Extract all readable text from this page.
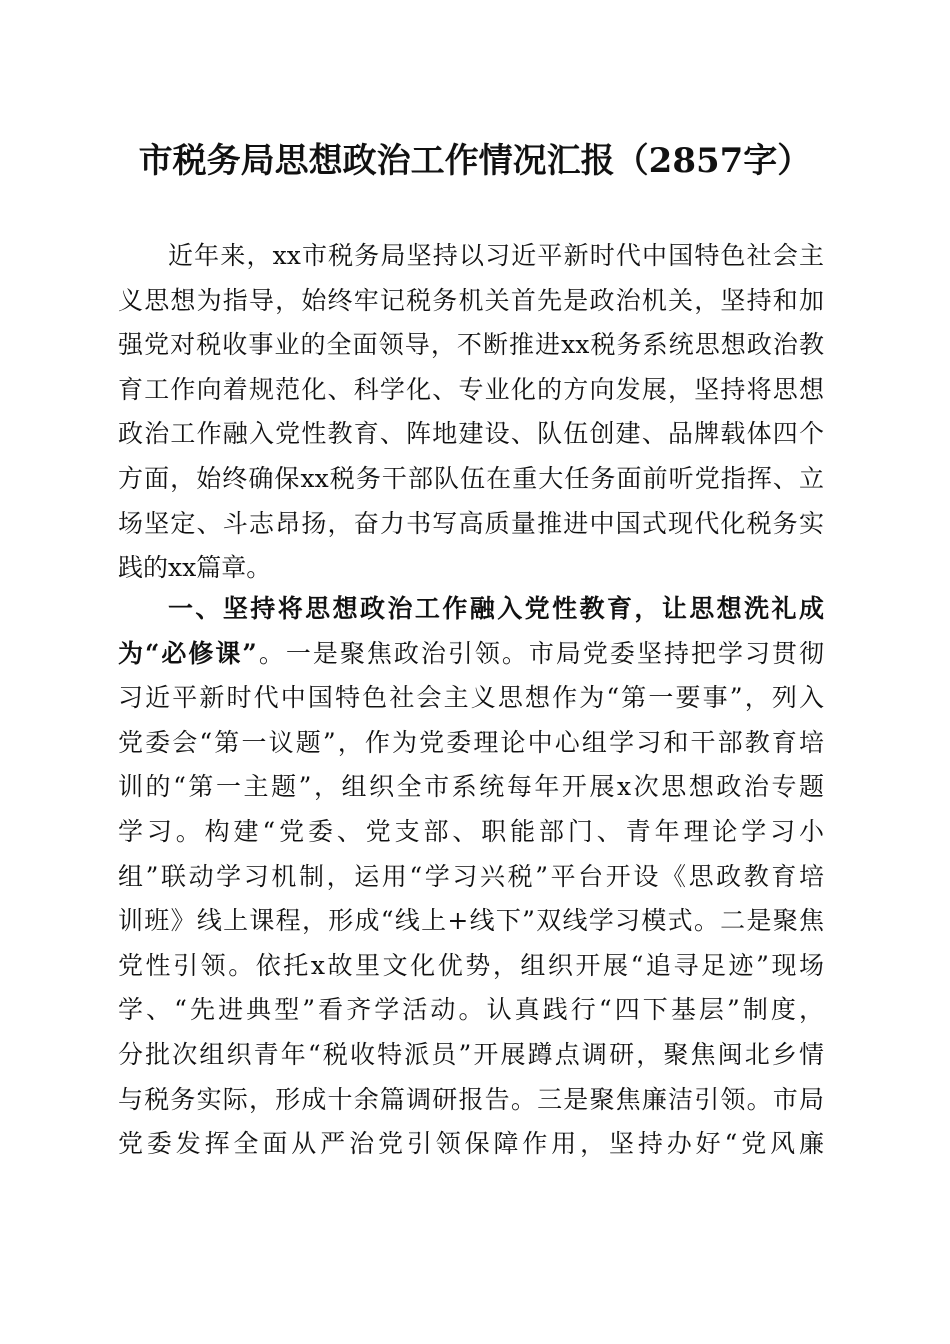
市税务局思想政治工作情况汇报（2857字）
近年来，xx市税务局坚持以习近平新时代中国特色社会主
义思想为指导，始终牢记税务机关首先是政治机关，坚持和加
强党对税收事业的全面领导，不断推进xx税务系统思想政治教
育工作向着规范化、科学化、专业化的方向发展，坚持将思想
政治工作融入党性教育、阵地建设、队伍创建、品牌载体四个
方面，始终确保xx税务干部队伍在重大任务面前听党指挥、立
场坚定、斗志昂扬，奋力书写高质量推进中国式现代化税务实
践的xx篇章。
一、坚持将思想政治工作融入党性教育，让思想洗礼成
为“必修课”。一是聚焦政治引领。市局党委坚持把学习贯彻
习近平新时代中国特色社会主义思想作为“第一要事”，列入
党委会“第一议题”，作为党委理论中心组学习和干部教育培
训的“第一主题”，组织全市系统每年开展x次思想政治专题
学习。构建“党委、党支部、职能部门、青年理论学习小
组”联动学习机制，运用“学习兴税”平台开设《思政教育培
训班》线上课程，形成“线上+线下”双线学习模式。二是聚焦
党性引领。依托x故里文化优势，组织开展“追寻足迹”现场
学、“先进典型”看齐学活动。认真践行“四下基层”制度，
分批次组织青年“税收特派员”开展蹲点调研，聚焦闽北乡情
与税务实际，形成十余篇调研报告。三是聚焦廉洁引领。市局
党委发挥全面从严治党引领保障作用，坚持办好“党风廉
